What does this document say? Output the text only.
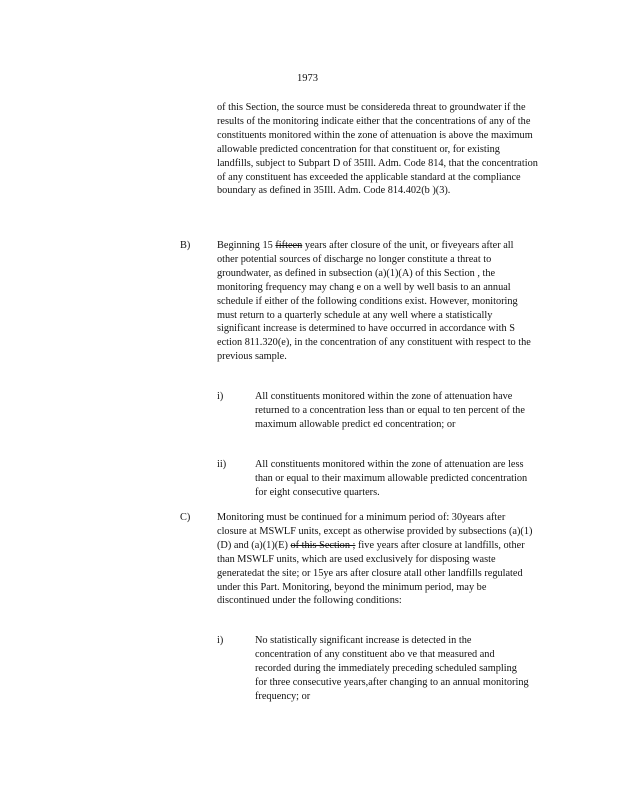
1973
of this Section, the source must be considereda threat to groundwater if the results of the monitoring indicate either that the concentrations of any of the constituents monitored within the zone of attenuation is above the maximum allowable predicted concentration for that constituent or, for existing landfills, subject to Subpart D of 35Ill. Adm. Code 814, that the concentration of any constituent has exceeded the applicable standard at the compliance boundary as defined in 35Ill. Adm. Code 814.402(b )(3).
B)	Beginning 15 fifteen years after closure of the unit, or fiveyears after all other potential sources of discharge no longer constitute a threat to groundwater, as defined in subsection (a)(1)(A) of this Section , the monitoring frequency may chang e on a well by well basis to an annual schedule if either of the following conditions exist. However, monitoring must return to a quarterly schedule at any well where a statistically significant increase is determined to have occurred in accordance with S ection 811.320(e), in the concentration of any constituent with respect to the previous sample.
i)	All constituents monitored within the zone of attenuation have returned to a concentration less than or equal to ten percent of the maximum allowable predict ed concentration; or
ii)	All constituents monitored within the zone of attenuation are less than or equal to their maximum allowable predicted concentration for eight consecutive quarters.
C)	Monitoring must be continued for a minimum period of: 30years after closure at MSWLF units, except as otherwise provided by subsections (a)(1)(D) and (a)(1)(E) of this Section ; five years after closure at landfills, other than MSWLF units, which are used exclusively for disposing waste generatedat the site; or 15ye ars after closure atall other landfills regulated under this Part. Monitoring, beyond the minimum period, may be discontinued under the following conditions:
i)	No statistically significant increase is detected in the concentration of any constituent abo ve that measured and recorded during the immediately preceding scheduled sampling for three consecutive years,after changing to an annual monitoring frequency; or
